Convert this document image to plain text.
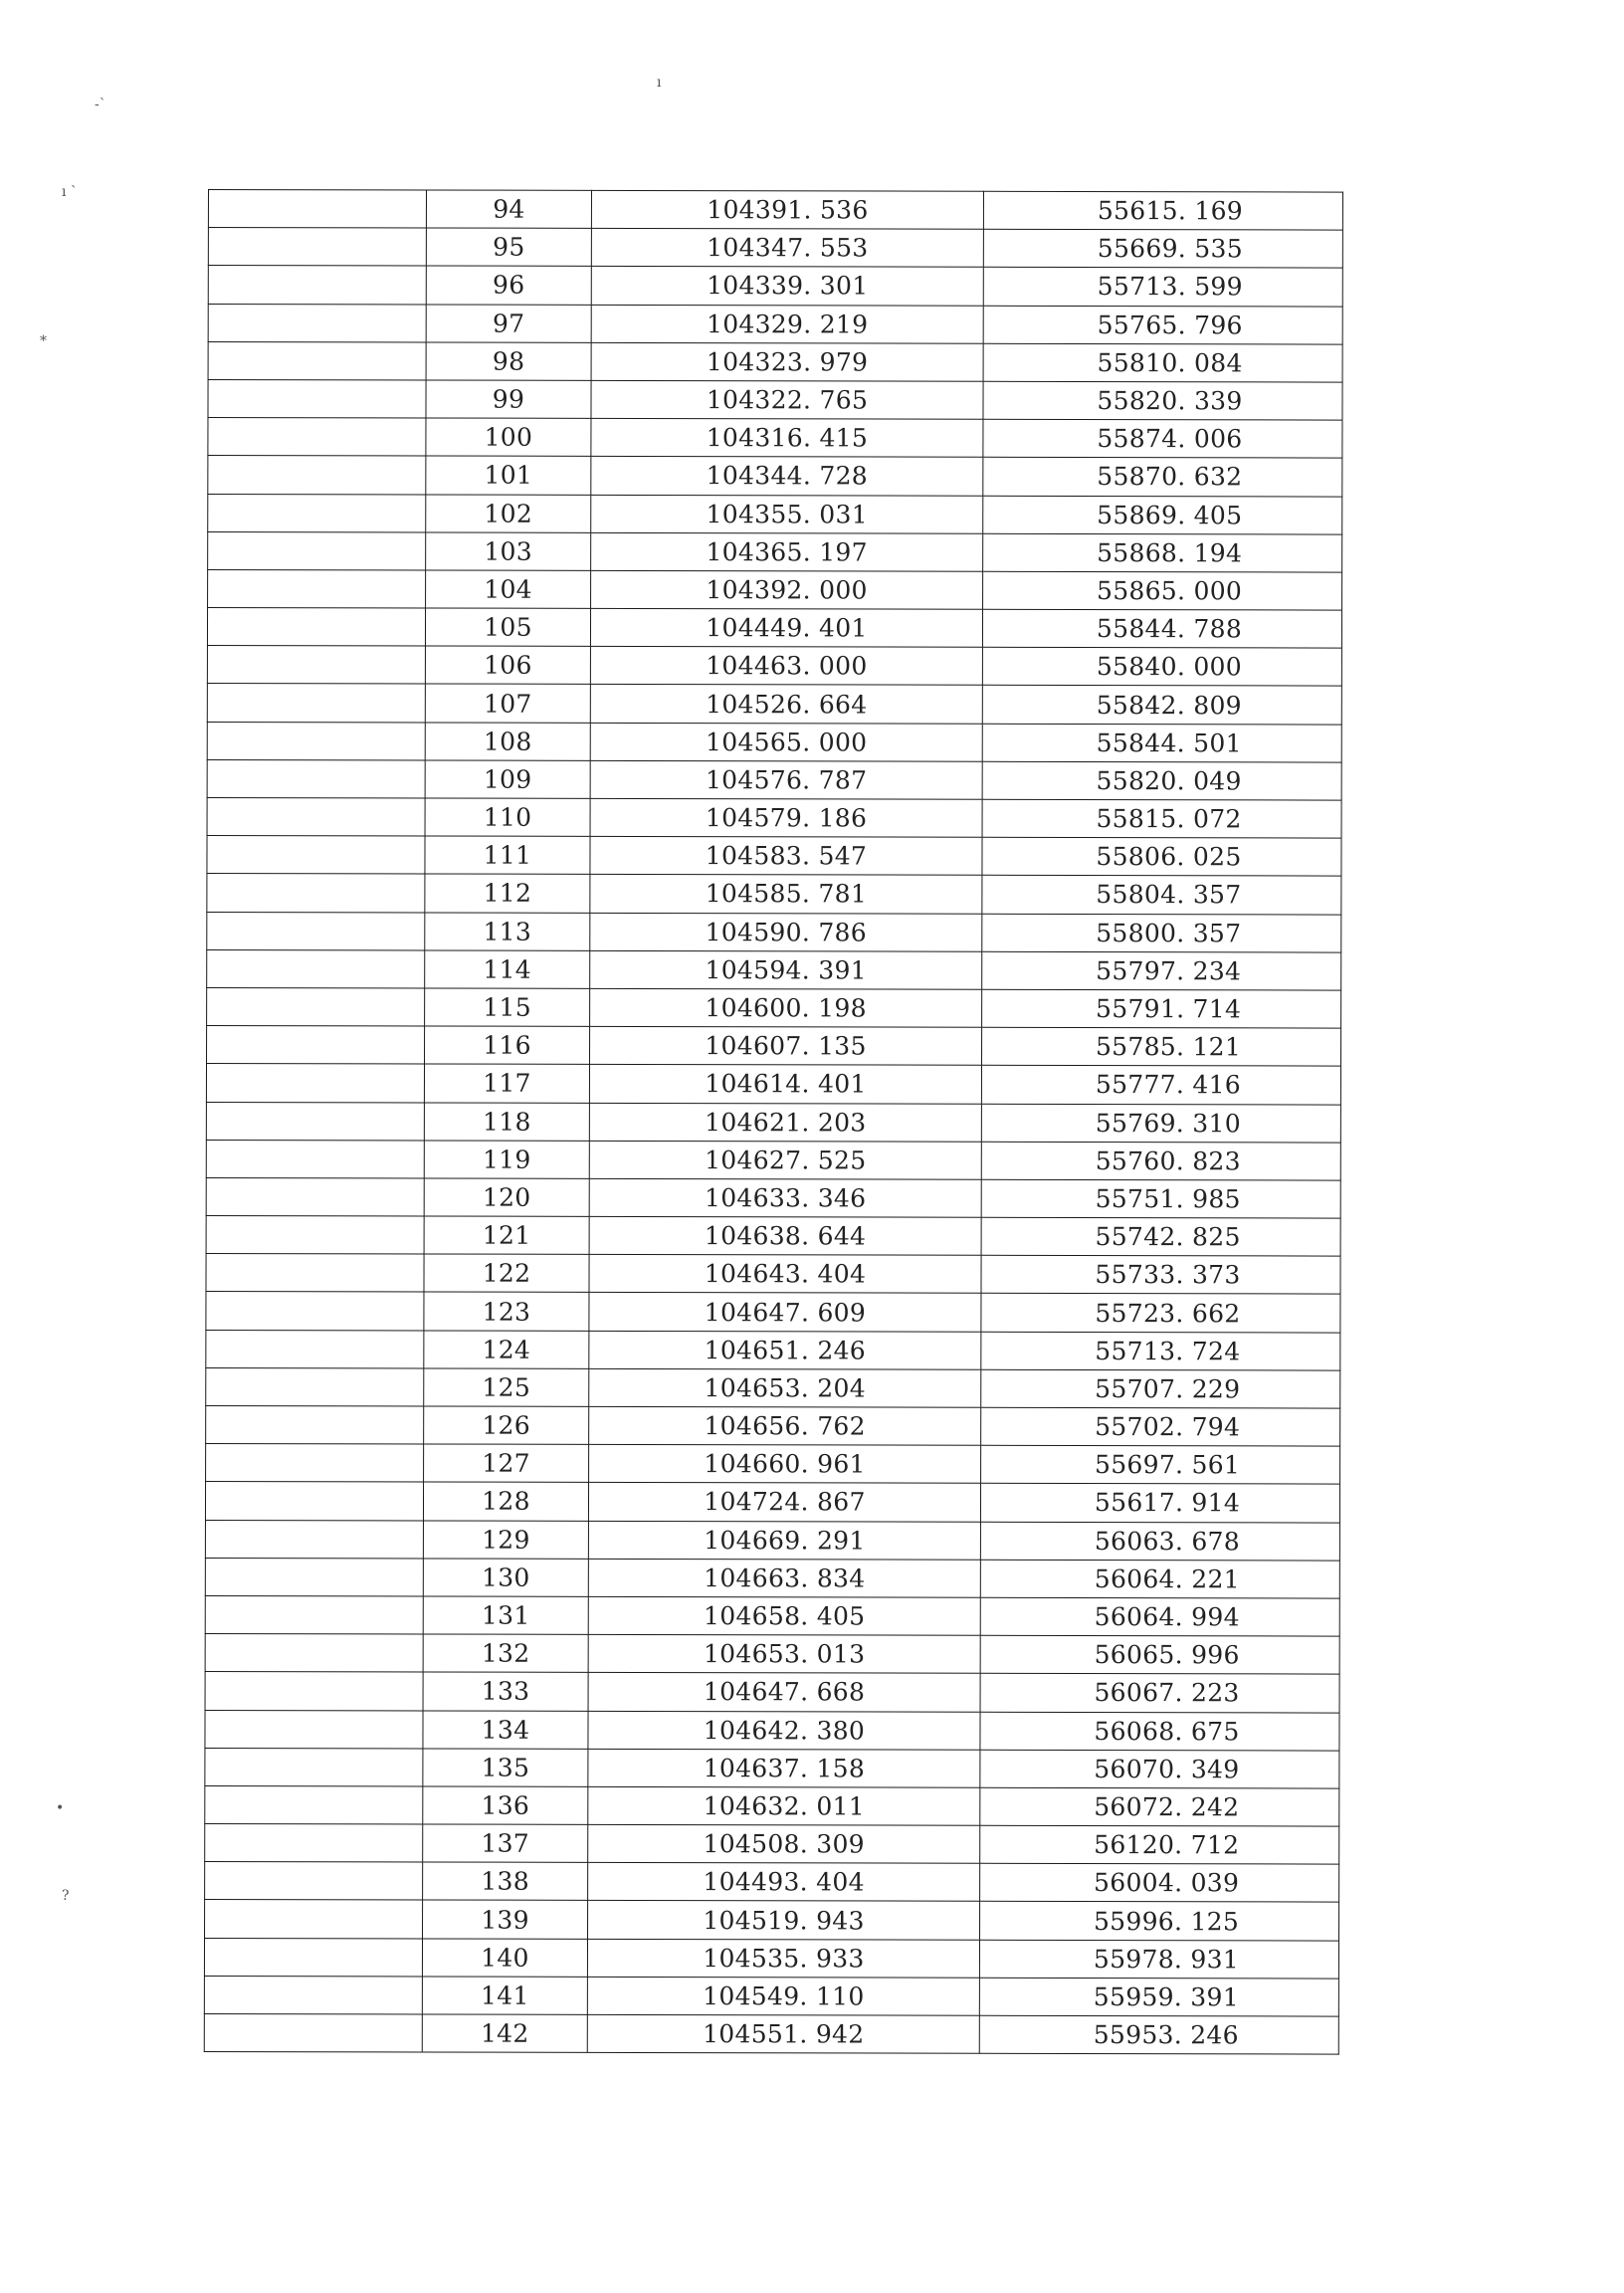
-`
ı `
ı
*
•
?
	94	104391. 536	55615. 169
	95	104347. 553	55669. 535
	96	104339. 301	55713. 599
	97	104329. 219	55765. 796
	98	104323. 979	55810. 084
	99	104322. 765	55820. 339
	100	104316. 415	55874. 006
	101	104344. 728	55870. 632
	102	104355. 031	55869. 405
	103	104365. 197	55868. 194
	104	104392. 000	55865. 000
	105	104449. 401	55844. 788
	106	104463. 000	55840. 000
	107	104526. 664	55842. 809
	108	104565. 000	55844. 501
	109	104576. 787	55820. 049
	110	104579. 186	55815. 072
	111	104583. 547	55806. 025
	112	104585. 781	55804. 357
	113	104590. 786	55800. 357
	114	104594. 391	55797. 234
	115	104600. 198	55791. 714
	116	104607. 135	55785. 121
	117	104614. 401	55777. 416
	118	104621. 203	55769. 310
	119	104627. 525	55760. 823
	120	104633. 346	55751. 985
	121	104638. 644	55742. 825
	122	104643. 404	55733. 373
	123	104647. 609	55723. 662
	124	104651. 246	55713. 724
	125	104653. 204	55707. 229
	126	104656. 762	55702. 794
	127	104660. 961	55697. 561
	128	104724. 867	55617. 914
	129	104669. 291	56063. 678
	130	104663. 834	56064. 221
	131	104658. 405	56064. 994
	132	104653. 013	56065. 996
	133	104647. 668	56067. 223
	134	104642. 380	56068. 675
	135	104637. 158	56070. 349
	136	104632. 011	56072. 242
	137	104508. 309	56120. 712
	138	104493. 404	56004. 039
	139	104519. 943	55996. 125
	140	104535. 933	55978. 931
	141	104549. 110	55959. 391
	142	104551. 942	55953. 246
